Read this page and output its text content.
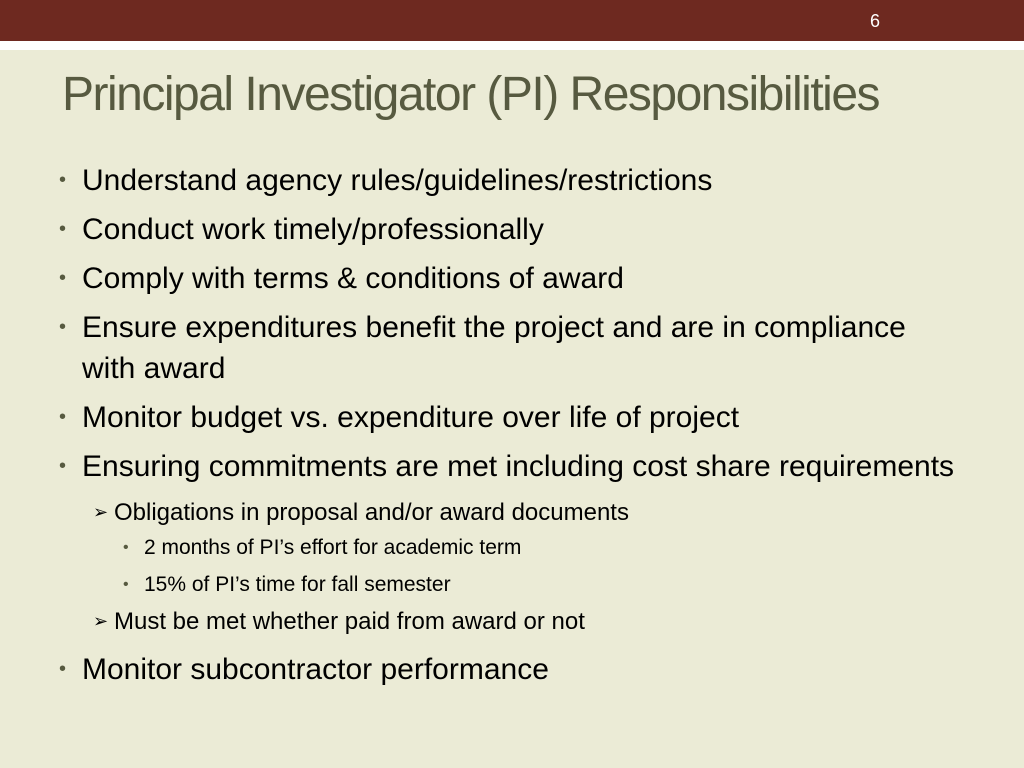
6
Principal Investigator (PI) Responsibilities
• Understand agency rules/guidelines/restrictions
• Conduct work timely/professionally
• Comply with terms & conditions of award
• Ensure expenditures benefit the project and are in compliance with award
• Monitor budget vs. expenditure over life of project
• Ensuring commitments are met including cost share requirements
➢ Obligations in proposal and/or award documents
• 2 months of PI’s effort for academic term
• 15% of PI’s time for fall semester
➢ Must be met whether paid from award or not
• Monitor subcontractor performance
